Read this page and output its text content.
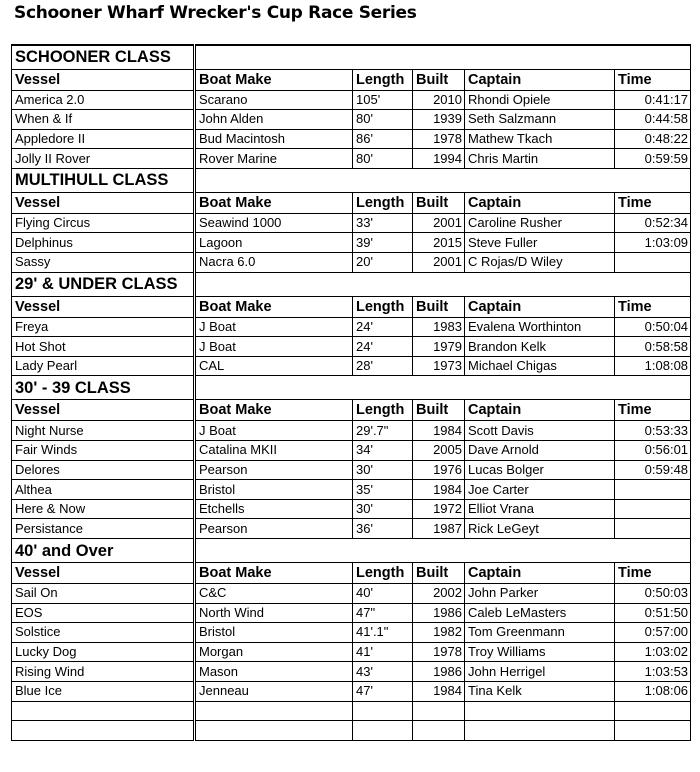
Schooner Wharf Wrecker's Cup Race Series
SCHOONER CLASS					
Vessel	Boat Make	Length	Built	Captain	Time
America 2.0	Scarano	105'	2010	Rhondi Opiele	0:41:17
When & If	John Alden	80'	1939	Seth Salzmann	0:44:58
Appledore II	Bud Macintosh	86'	1978	Mathew Tkach	0:48:22
Jolly II Rover	Rover Marine	80'	1994	Chris Martin	0:59:59
MULTIHULL CLASS					
Vessel	Boat Make	Length	Built	Captain	Time
Flying Circus	Seawind 1000	33'	2001	Caroline Rusher	0:52:34
Delphinus	Lagoon	39'	2015	Steve Fuller	1:03:09
Sassy	Nacra 6.0	20'	2001	C Rojas/D Wiley	
29' & UNDER CLASS					
Vessel	Boat Make	Length	Built	Captain	Time
Freya	J Boat	24'	1983	Evalena Worthinton	0:50:04
Hot Shot	J Boat	24'	1979	Brandon Kelk	0:58:58
Lady Pearl	CAL	28'	1973	Michael Chigas	1:08:08
30' - 39 CLASS					
Vessel	Boat Make	Length	Built	Captain	Time
Night Nurse	J Boat	29'.7"	1984	Scott Davis	0:53:33
Fair Winds	Catalina MKII	34'	2005	Dave Arnold	0:56:01
Delores	Pearson	30'	1976	Lucas Bolger	0:59:48
Althea	Bristol	35'	1984	Joe Carter	
Here & Now	Etchells	30'	1972	Elliot Vrana	
Persistance	Pearson	36'	1987	Rick LeGeyt	
40' and Over					
Vessel	Boat Make	Length	Built	Captain	Time
Sail On	C&C	40'	2002	John Parker	0:50:03
EOS	North Wind	47"	1986	Caleb LeMasters	0:51:50
Solstice	Bristol	41'.1"	1982	Tom Greenmann	0:57:00
Lucky Dog	Morgan	41'	1978	Troy Williams	1:03:02
Rising Wind	Mason	43'	1986	John Herrigel	1:03:53
Blue Ice	Jenneau	47'	1984	Tina Kelk	1:08:06
